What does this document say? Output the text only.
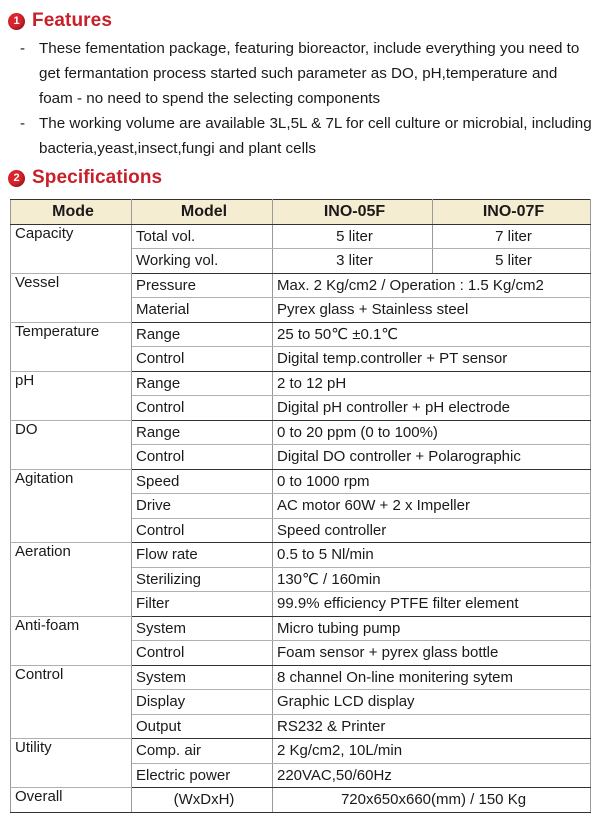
1 Features
- These fementation package, featuring bioreactor, include everything you need to get fermantation process started such parameter as DO, pH,temperature and foam - no need to spend the selecting components
- The working volume are available 3L,5L & 7L for cell culture or microbial, including bacteria,yeast,insect,fungi and plant cells
2 Specifications
Mode	Model	INO-05F	INO-07F
Capacity	Total vol.	5 liter	7 liter
	Working vol.	3 liter	5 liter
Vessel	Pressure	Max. 2 Kg/cm2 / Operation : 1.5 Kg/cm2	
	Material	Pyrex glass + Stainless steel	
Temperature	Range	25 to 50℃ ±0.1℃	
	Control	Digital temp.controller + PT sensor	
pH	Range	2 to 12 pH	
	Control	Digital pH controller + pH electrode	
DO	Range	0 to 20 ppm (0 to 100%)	
	Control	Digital DO controller + Polarographic	
Agitation	Speed	0 to 1000 rpm	
	Drive	AC motor 60W + 2 x Impeller	
	Control	Speed controller	
Aeration	Flow rate	0.5 to 5 Nl/min	
	Sterilizing	130℃ / 160min	
	Filter	99.9% efficiency PTFE filter element	
Anti-foam	System	Micro tubing pump	
	Control	Foam sensor + pyrex glass bottle	
Control	System	8 channel On-line monitering sytem	
	Display	Graphic LCD display	
	Output	RS232 & Printer	
Utility	Comp. air	2 Kg/cm2, 10L/min	
	Electric power	220VAC,50/60Hz	
Overall	(WxDxH)	720x650x660(mm) / 150 Kg	
